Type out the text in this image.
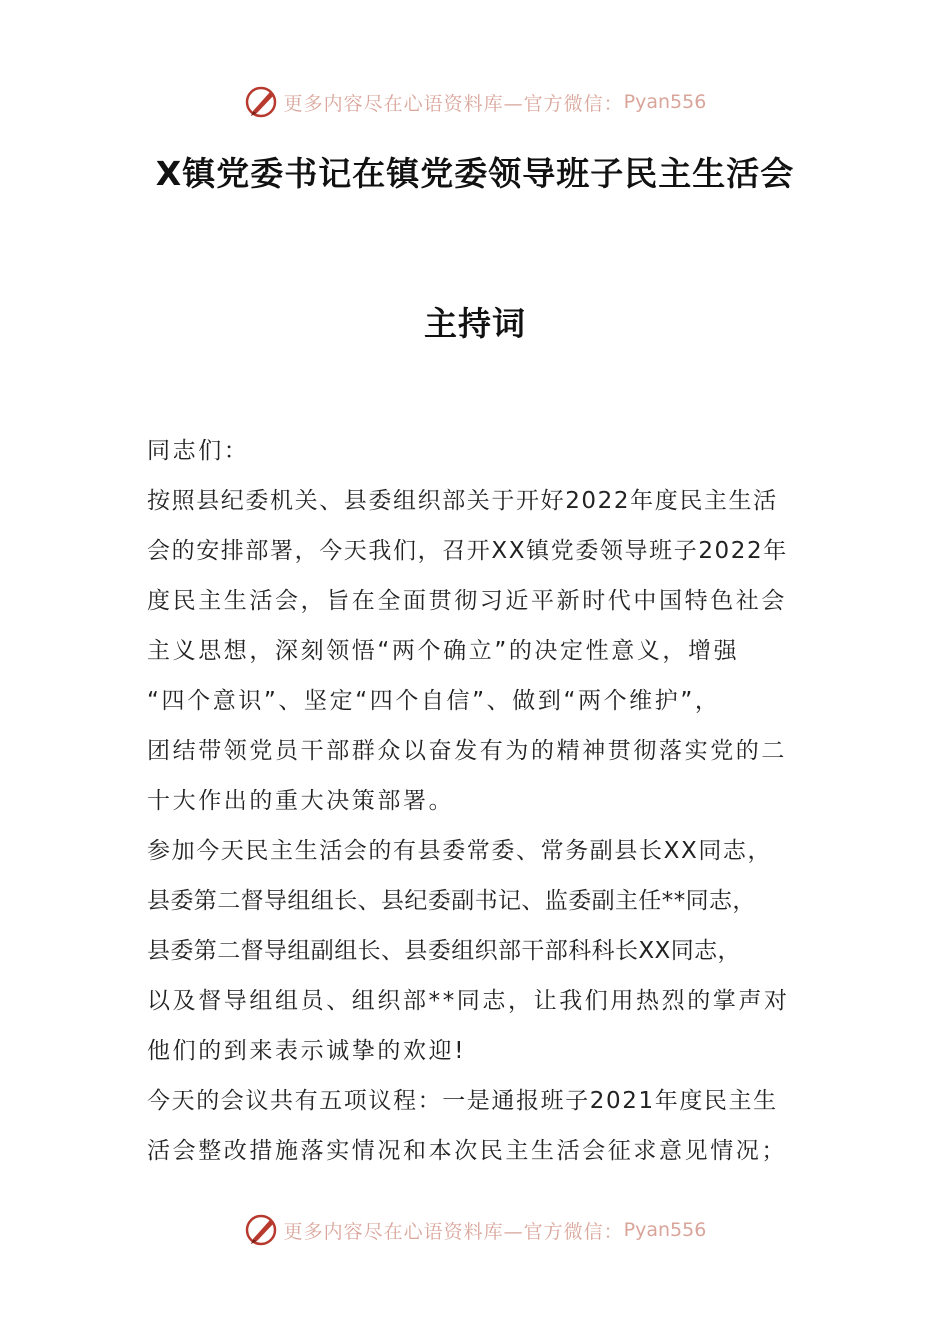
更多内容尽在心语资料库—官方微信： Pyan556
X镇党委书记在镇党委领导班子民主生活会
主持词
同志们：
按照县纪委机关、县委组织部关于开好2022年度民主生活
会的安排部署，今天我们，召开XX镇党委领导班子2022年
度民主生活会，旨在全面贯彻习近平新时代中国特色社会
主义思想，深刻领悟“两个确立”的决定性意义，增强
“四个意识”、坚定“四个自信”、做到“两个维护”，
团结带领党员干部群众以奋发有为的精神贯彻落实党的二
十大作出的重大决策部署。
参加今天民主生活会的有县委常委、常务副县长XX同志，
县委第二督导组组长、县纪委副书记、监委副主任**同志，
县委第二督导组副组长、县委组织部干部科科长XX同志，
以及督导组组员、组织部**同志，让我们用热烈的掌声对
他们的到来表示诚挚的欢迎!
今天的会议共有五项议程：一是通报班子2021年度民主生
活会整改措施落实情况和本次民主生活会征求意见情况；
更多内容尽在心语资料库—官方微信： Pyan556
